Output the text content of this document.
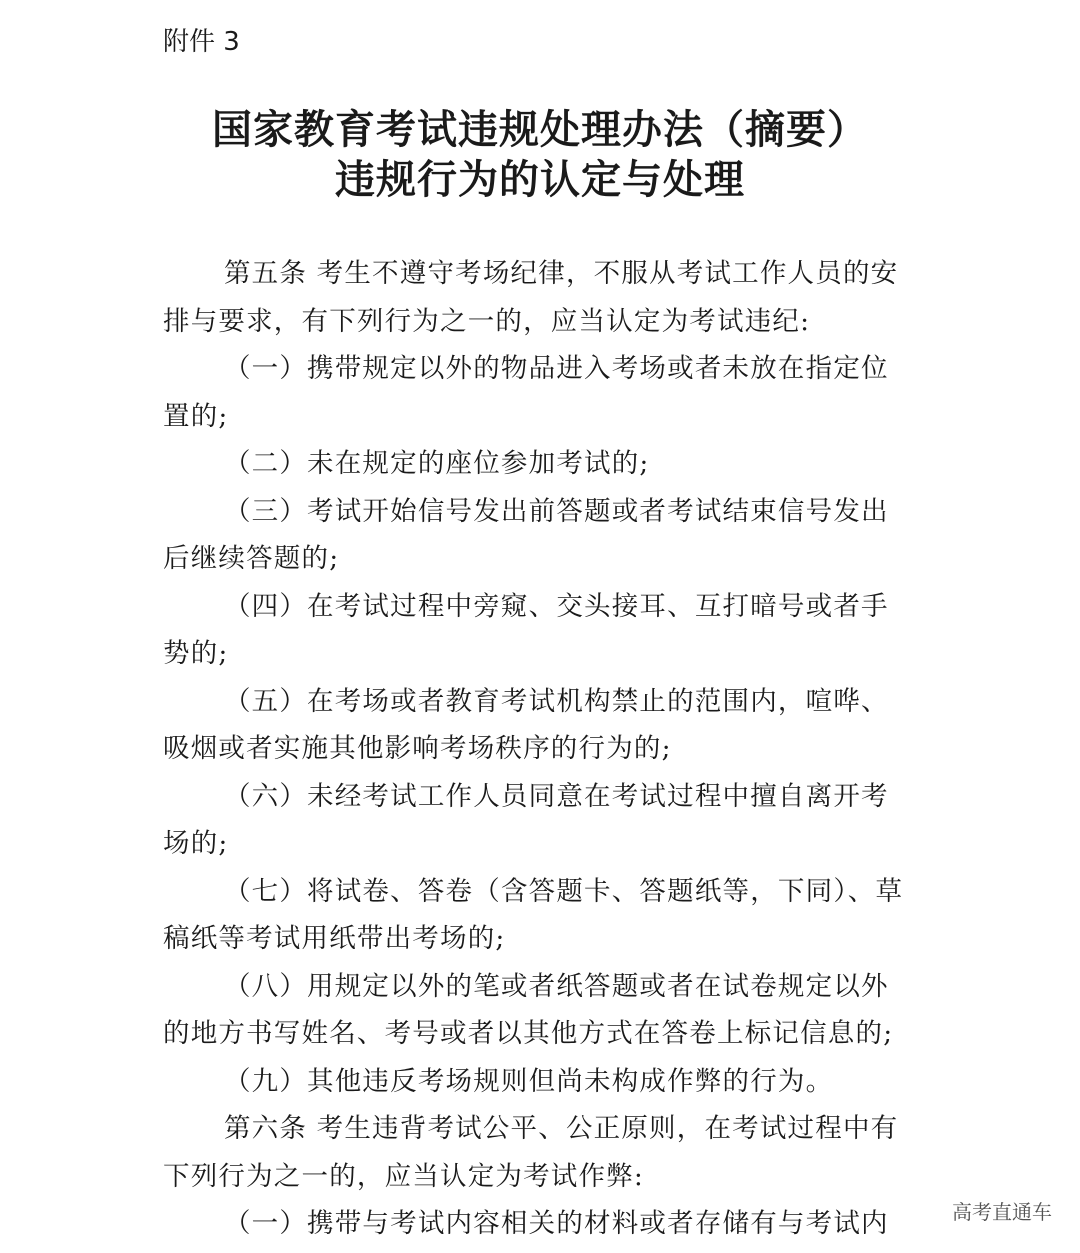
附件 3
国家教育考试违规处理办法（摘要）
违规行为的认定与处理

第五条 考生不遵守考场纪律，不服从考试工作人员的安排与要求，有下列行为之一的，应当认定为考试违纪:

（一）携带规定以外的物品进入考场或者未放在指定位置的;

（二）未在规定的座位参加考试的;

（三）考试开始信号发出前答题或者考试结束信号发出后继续答题的;

（四）在考试过程中旁窥、交头接耳、互打暗号或者手势的;

（五）在考场或者教育考试机构禁止的范围内，喧哗、吸烟或者实施其他影响考场秩序的行为的;

（六）未经考试工作人员同意在考试过程中擅自离开考场的;

（七）将试卷、答卷（含答题卡、答题纸等，下同）、草稿纸等考试用纸带出考场的;

（八）用规定以外的笔或者纸答题或者在试卷规定以外的地方书写姓名、考号或者以其他方式在答卷上标记信息的;

（九）其他违反考场规则但尚未构成作弊的行为。

第六条 考生违背考试公平、公正原则，在考试过程中有下列行为之一的，应当认定为考试作弊:

（一）携带与考试内容相关的材料或者存储有与考试内	高考直通车
